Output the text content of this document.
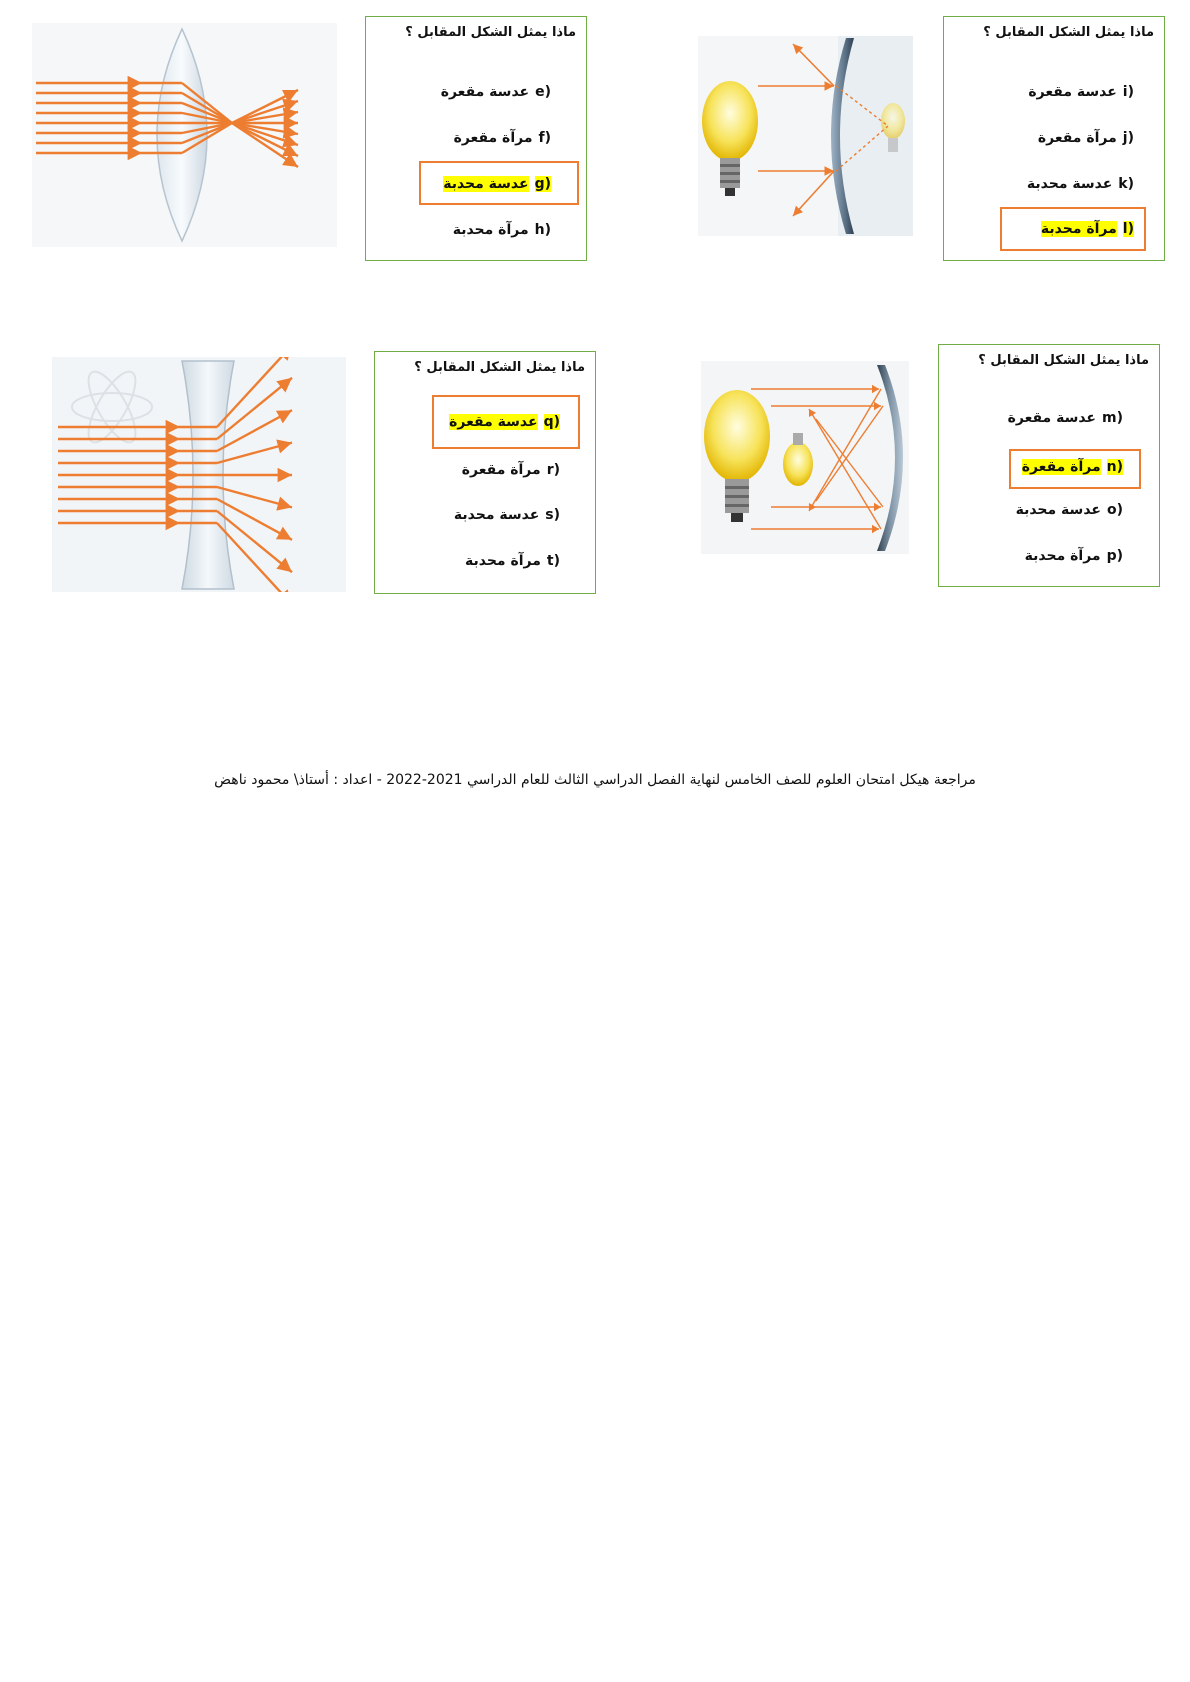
ماذا يمثل الشكل المقابل ؟
i)
عدسة مقعرة
j)
مرآة مقعرة
k)
عدسة محدبة
l)
مرآة محدبة
ماذا يمثل الشكل المقابل ؟
e)
عدسة مقعرة
f)
مرآة مقعرة
g)
عدسة محدبة
h)
مرآة محدبة
ماذا يمثل الشكل المقابل ؟
m)
عدسة مقعرة
n)
مرآة مقعرة
o)
عدسة محدبة
p)
مرآة محدبة
ماذا يمثل الشكل المقابل ؟
q)
عدسة مقعرة
r)
مرآة مقعرة
s)
عدسة محدبة
t)
مرآة محدبة
مراجعة هيكل امتحان العلوم للصف الخامس لنهاية الفصل الدراسي الثالث للعام الدراسي 2021-2022 - اعداد : أستاذ\ محمود ناهض
